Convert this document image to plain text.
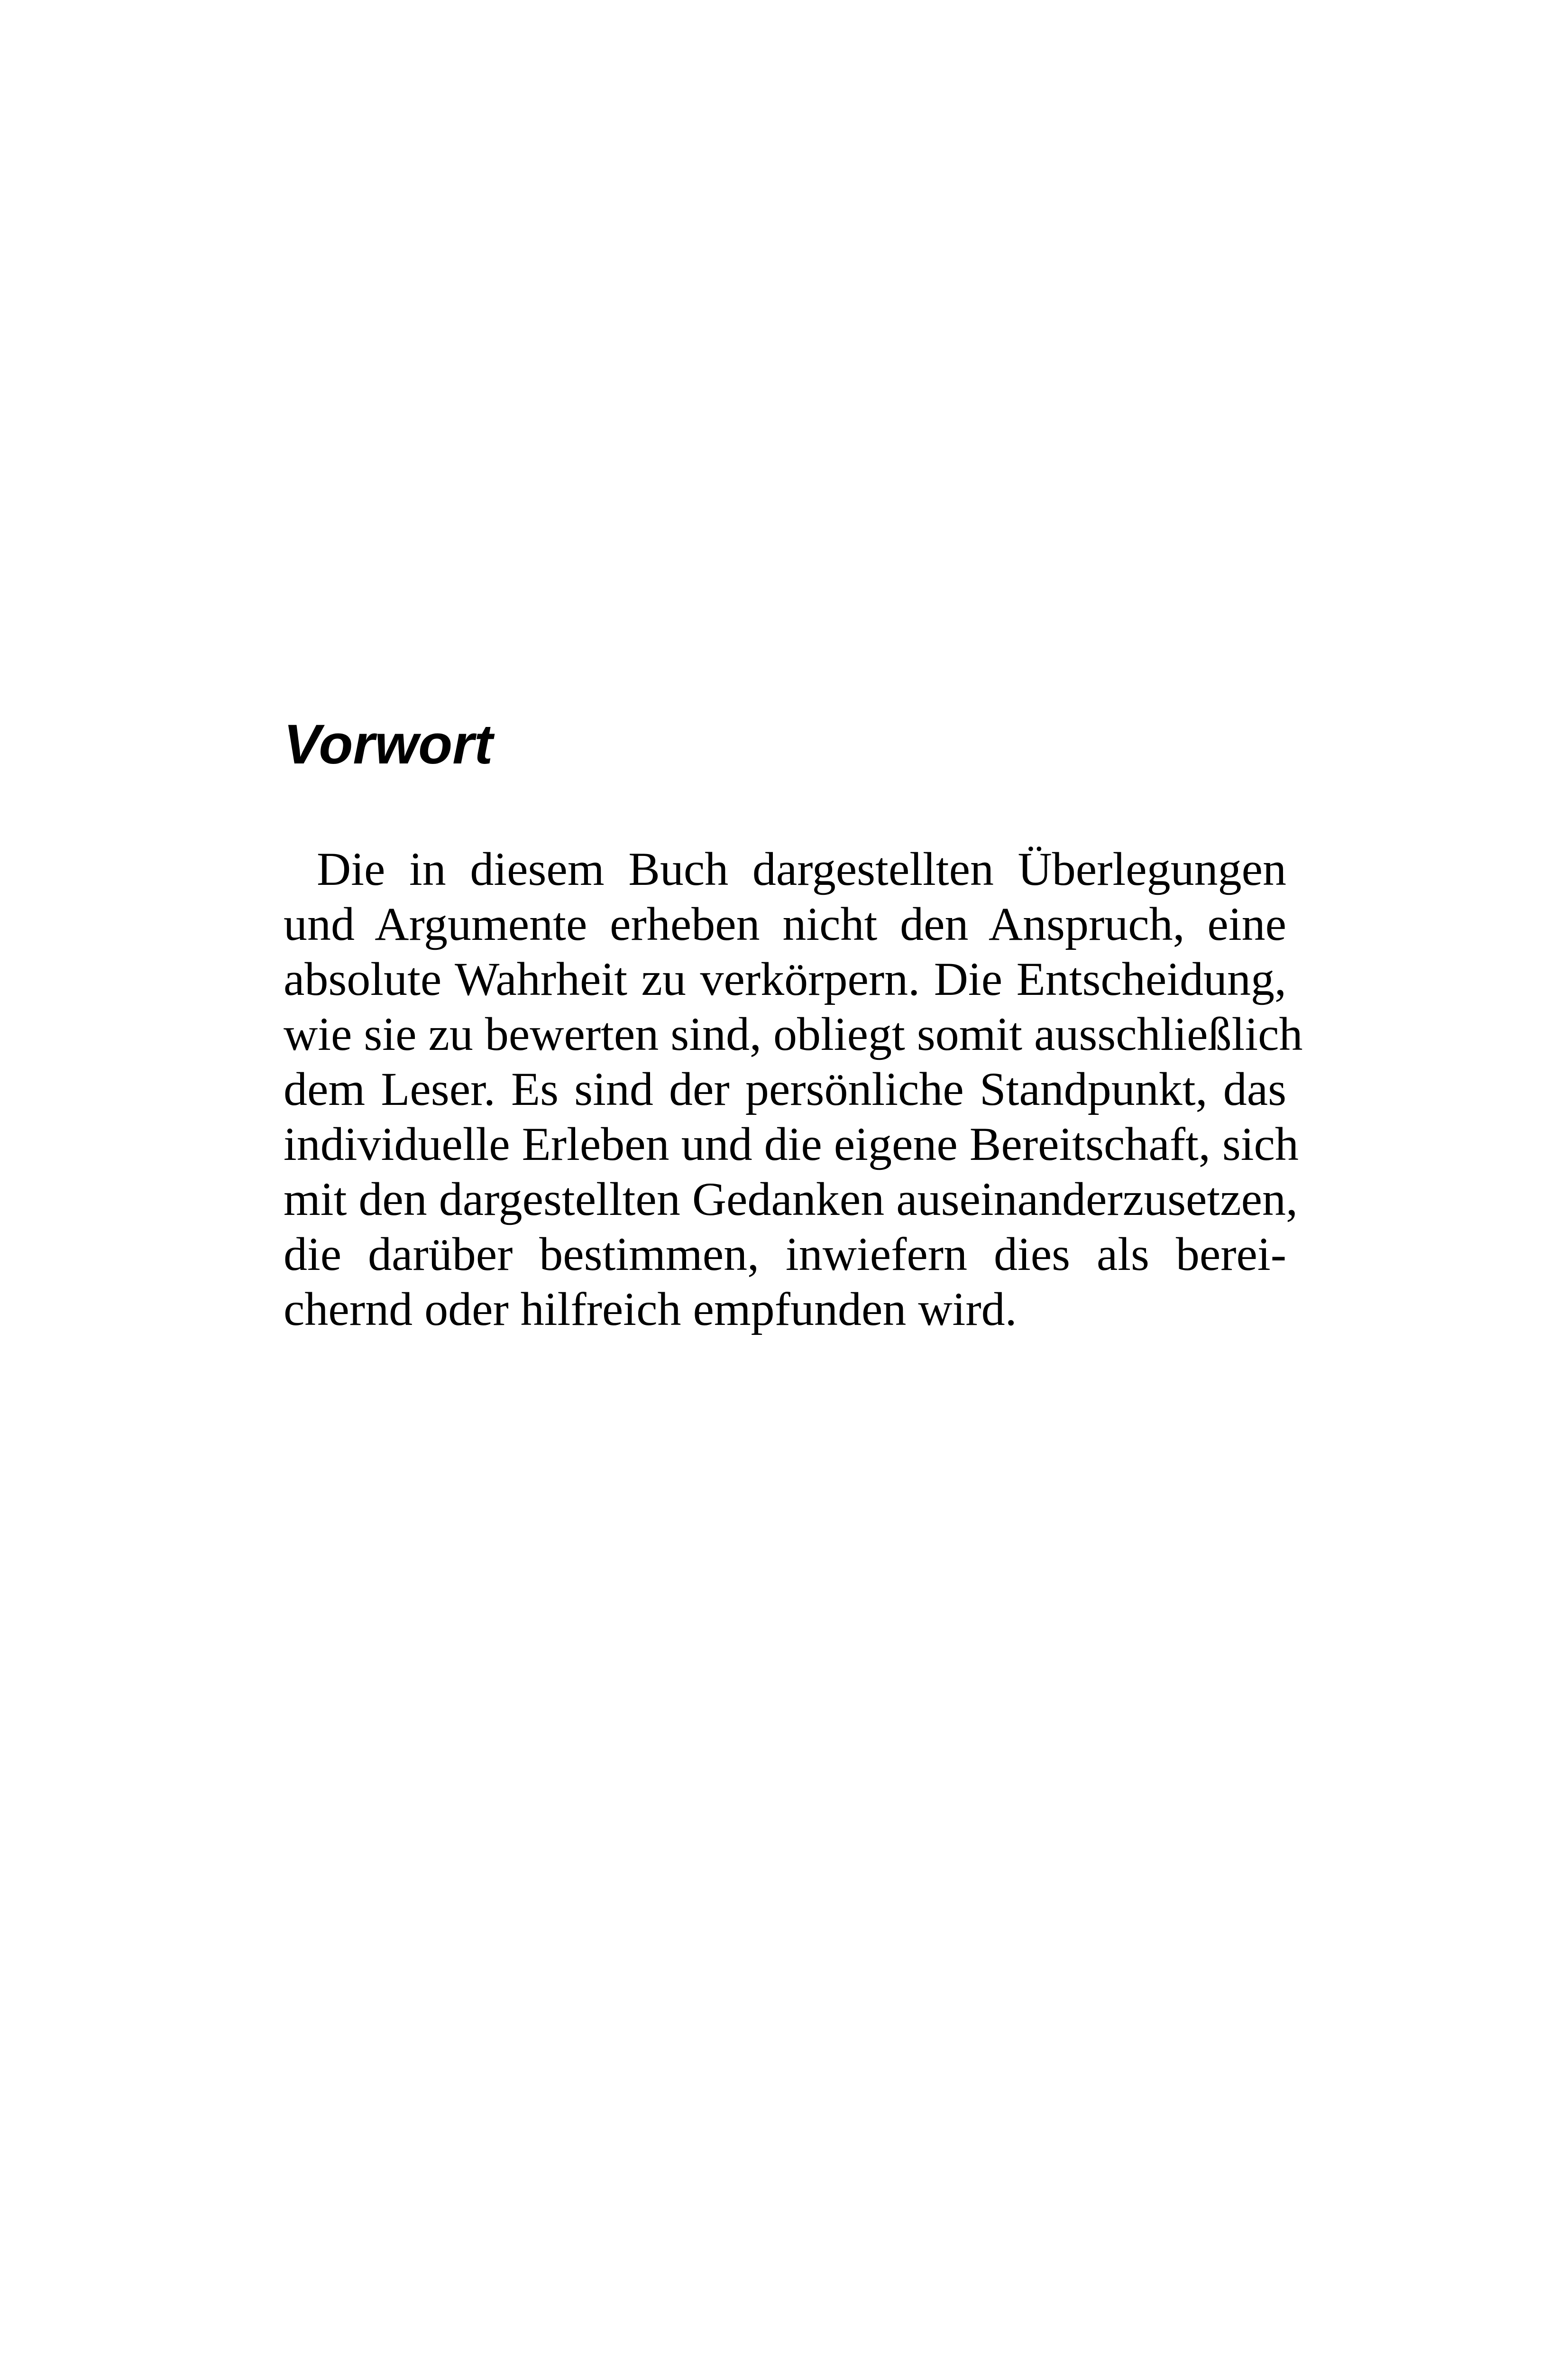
Vorwort
Die in diesem Buch dargestellten Überlegungen
und Argumente erheben nicht den Anspruch, eine
absolute Wahrheit zu verkörpern. Die Entscheidung,
wie sie zu bewerten sind, obliegt somit ausschließlich
dem Leser. Es sind der persönliche Standpunkt, das
individuelle Erleben und die eigene Bereitschaft, sich
mit den dargestellten Gedanken auseinanderzusetzen,
die darüber bestimmen, inwiefern dies als berei-
chernd oder hilfreich empfunden wird.
